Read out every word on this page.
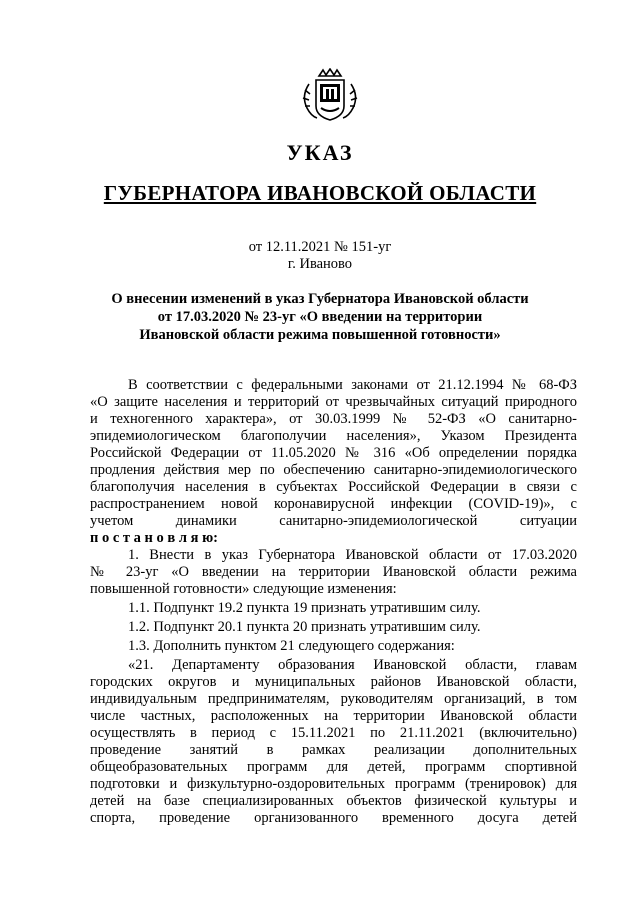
УКАЗ
ГУБЕРНАТОРА ИВАНОВСКОЙ ОБЛАСТИ
от 12.11.2021 № 151-уг
г. Иваново
О внесении изменений в указ Губернатора Ивановской области
от 17.03.2020 № 23-уг «О введении на территории
Ивановской области режима повышенной готовности»
В соответствии с федеральными законами от 21.12.1994 № 68-ФЗ
«О защите населения и территорий от чрезвычайных ситуаций природного
и техногенного характера», от 30.03.1999 № 52-ФЗ «О санитарно-
эпидемиологическом благополучии населения», Указом Президента
Российской Федерации от 11.05.2020 № 316 «Об определении порядка
продления действия мер по обеспечению санитарно-эпидемиологического
благополучия населения в субъектах Российской Федерации в связи с
распространением новой коронавирусной инфекции (COVID-19)», с
учетом динамики санитарно-эпидемиологической ситуации
п о с т а н о в л я ю:
1. Внести в указ Губернатора Ивановской области от 17.03.2020
№ 23-уг «О введении на территории Ивановской области режима
повышенной готовности» следующие изменения:
1.1. Подпункт 19.2 пункта 19 признать утратившим силу.
1.2. Подпункт 20.1 пункта 20 признать утратившим силу.
1.3. Дополнить пунктом 21 следующего содержания:
«21. Департаменту образования Ивановской области, главам
городских округов и муниципальных районов Ивановской области,
индивидуальным предпринимателям, руководителям организаций, в том
числе частных, расположенных на территории Ивановской области
осуществлять в период с 15.11.2021 по 21.11.2021 (включительно)
проведение занятий в рамках реализации дополнительных
общеобразовательных программ для детей, программ спортивной
подготовки и физкультурно-оздоровительных программ (тренировок) для
детей на базе специализированных объектов физической культуры и
спорта, проведение организованного временного досуга детей
